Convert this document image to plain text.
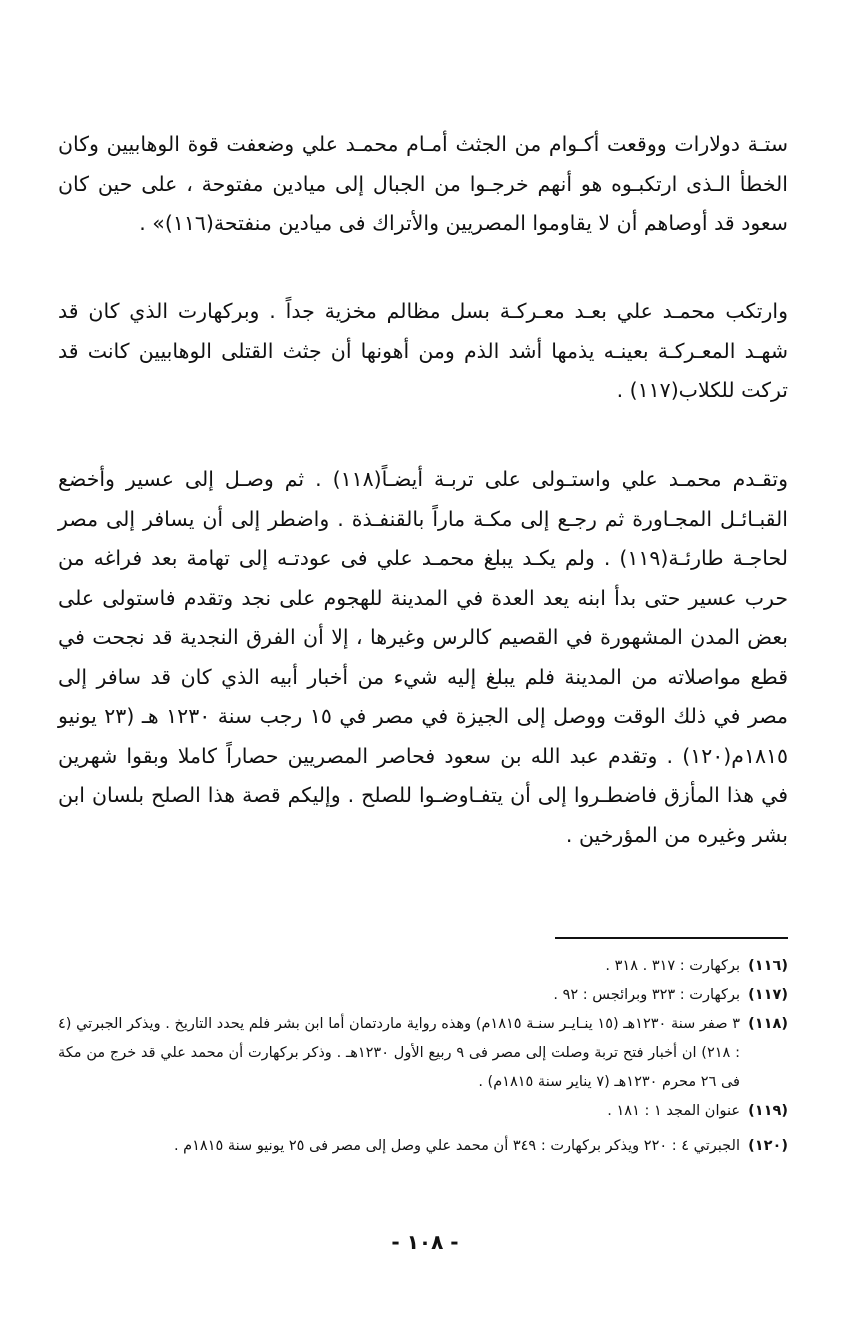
ستـة دولارات ووقعت أكـوام من الجثث أمـام محمـد علي وضعفت قوة الوهابيين وكان الخطأ الـذى ارتكبـوه هو أنهم خرجـوا من الجبال إلى ميادين مفتوحة ، على حين كان سعود قد أوصاهم أن لا يقاوموا المصريين والأتراك فى ميادين منفتحة(١١٦)» .

وارتكب محمـد علي بعـد معـركـة بسل مظالم مخزية جداً . وبركهارت الذي كان قد شهـد المعـركـة بعينـه يذمها أشد الذم ومن أهونها أن جثث القتلى الوهابيين كانت قد تركت للكلاب(١١٧) .

وتقـدم محمـد علي واستـولى على تربـة أيضـاً(١١٨) . ثم وصـل إلى عسير وأخضع القبـائـل المجـاورة ثم رجـع إلى مكـة ماراً بالقنفـذة . واضطر إلى أن يسافر إلى مصر لحاجـة طارئـة(١١٩) . ولم يكـد يبلغ محمـد علي فى عودتـه إلى تهامة بعد فراغه من حرب عسير حتى بدأ ابنه يعد العدة في المدينة للهجوم على نجد وتقدم فاستولى على بعض المدن المشهورة في القصيم كالرس وغيرها ، إلا أن الفرق النجدية قد نجحت في قطع مواصلاته من المدينة فلم يبلغ إليه شيء من أخبار أبيه الذي كان قد سافر إلى مصر في ذلك الوقت ووصل إلى الجيزة في مصر في ١٥ رجب سنة ١٢٣٠ هـ (٢٣ يونيو ١٨١٥م(١٢٠) . وتقدم عبد الله بن سعود فحاصر المصريين حصاراً كاملا وبقوا شهرين في هذا المأزق فاضطـروا إلى أن يتفـاوضـوا للصلح . وإليكم قصة هذا الصلح بلسان ابن بشر وغيره من المؤرخين .

(١١٦)
بركهارت : ٣١٧ . ٣١٨ .
(١١٧)
بركهارت : ٣٢٣ وبرائجس : ٩٢ .
(١١٨)
٣ صفر سنة ١٢٣٠هـ (١٥ ينـايـر سنـة ١٨١٥م) وهذه رواية ماردتمان أما ابن بشر فلم يحدد التاريخ . ويذكر الجبرتي (٤ : ٢١٨) ان أخبار فتح تربة وصلت إلى مصر فى ٩ ربيع الأول ١٢٣٠هـ . وذكر بركهارت أن محمد علي قد خرج من مكة فى ٢٦ محرم ١٢٣٠هـ (٧ يناير سنة ١٨١٥م) .
(١١٩)
عنوان المجد ١ : ١٨١ .
(١٢٠)
الجبرتي ٤ : ٢٢٠ ويذكر بركهارت : ٣٤٩ أن محمد علي وصل إلى مصر فى ٢٥ يونيو سنة ١٨١٥م .
- ١٠٨ -
